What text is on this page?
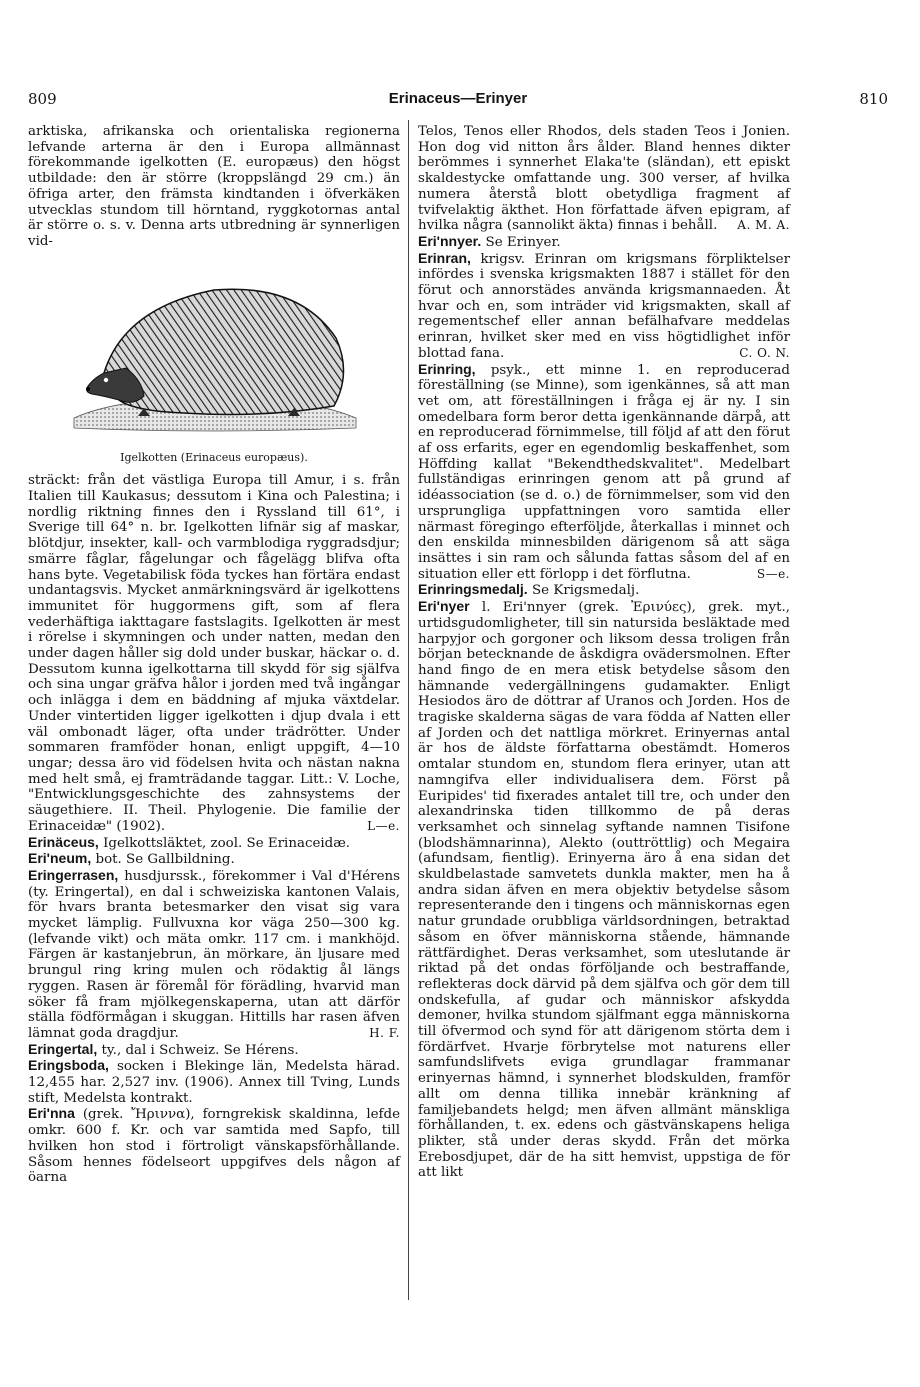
809	Erinaceus—Erinyer	810

arktiska, afrikanska och orientaliska regionerna lefvande arterna är den i Europa allmännast förekommande igelkotten (E. europæus) den högst utbildade: den är större (kroppslängd 29 cm.) än öfriga arter, den främsta kindtanden i öfverkäken utvecklas stundom till hörntand, ryggkotornas antal är större o. s. v. Denna arts utbredning är synnerligen vid-

Igelkotten (Erinaceus europæus).

sträckt: från det västliga Europa till Amur, i s. från Italien till Kaukasus; dessutom i Kina och Palestina; i nordlig riktning finnes den i Ryssland till 61°, i Sverige till 64° n. br. Igelkotten lifnär sig af maskar, blötdjur, insekter, kall- och varmblodiga ryggradsdjur; smärre fåglar, fågelungar och fågelägg blifva ofta hans byte. Vegetabilisk föda tyckes han förtära endast undantagsvis. Mycket anmärkningsvärd är igelkottens immunitet för huggormens gift, som af flera vederhäftiga iakttagare fastslagits. Igelkotten är mest i rörelse i skymningen och under natten, medan den under dagen håller sig dold under buskar, häckar o. d. Dessutom kunna igelkottarna till skydd för sig själfva och sina ungar gräfva hålor i jorden med två ingångar och inlägga i dem en bäddning af mjuka växtdelar. Under vintertiden ligger igelkotten i djup dvala i ett väl ombonadt läger, ofta under trädrötter. Under sommaren framföder honan, enligt uppgift, 4—10 ungar; dessa äro vid födelsen hvita och nästan nakna med helt små, ej framträdande taggar. Litt.: V. Loche, "Entwicklungsgeschichte des zahnsystems der säugethiere. II. Theil. Phylogenie. Die familie der Erinaceidæ" (1902).	L—e.

Erinäceus, Igelkottsläktet, zool. Se Erinaceidæ.

Eri'neum, bot. Se Gallbildning.

Eringerrasen, husdjurssk., förekommer i Val d'Hérens (ty. Eringertal), en dal i schweiziska kantonen Valais, för hvars branta betesmarker den visat sig vara mycket lämplig. Fullvuxna kor väga 250—300 kg. (lefvande vikt) och mäta omkr. 117 cm. i mankhöjd. Färgen är kastanjebrun, än mörkare, än ljusare med brungul ring kring mulen och rödaktig ål längs ryggen. Rasen är föremål för förädling, hvarvid man söker få fram mjölkegenskaperna, utan att därför ställa födförmågan i skuggan. Hittills har rasen äfven lämnat goda dragdjur.	H. F.

Eringertal, ty., dal i Schweiz. Se Hérens.

Eringsboda, socken i Blekinge län, Medelsta härad. 12,455 har. 2,527 inv. (1906). Annex till Tving, Lunds stift, Medelsta kontrakt.

Eri'nna (grek. Ἤριννα), forngrekisk skaldinna, lefde omkr. 600 f. Kr. och var samtida med Sapfo, till hvilken hon stod i förtroligt vänskapsförhållande. Såsom hennes födelseort uppgifves dels någon af öarna

Telos, Tenos eller Rhodos, dels staden Teos i Jonien. Hon dog vid nitton års ålder. Bland hennes dikter berömmes i synnerhet Elaka'te (sländan), ett episkt skaldestycke omfattande ung. 300 verser, af hvilka numera återstå blott obetydliga fragment af tvifvelaktig äkthet. Hon författade äfven epigram, af hvilka några (sannolikt äkta) finnas i behåll. A. M. A.

Eri'nnyer. Se Erinyer.

Erinran, krigsv. Erinran om krigsmans förpliktelser infördes i svenska krigsmakten 1887 i stället för den förut och annorstädes användа krigsmannaeden. Åt hvar och en, som inträder vid krigsmakten, skall af regementschef eller annan befälhafvare meddelas erinran, hvilket sker med en viss högtidlighet inför blottad fana.	C. O. N.

Erinring, psyk., ett minne 1. en reproducerad föreställning (se Minne), som igenkännes, så att man vet om, att föreställningen i fråga ej är ny. I sin omedelbara form beror detta igenkännande därpå, att en reproducerad förnimmelse, till följd af att den förut af oss erfarits, eger en egendomlig beskaffenhet, som Höffding kallat "Bekendthedskvalitet". Medelbart fullständigas erinringen genom att på grund af idéassociation (se d. o.) de förnimmelser, som vid den ursprungliga uppfattningen voro samtida eller närmast föregingo efterföljde, återkallas i minnet och den enskilda minnesbilden därigenom så att säga insättes i sin ram och sålunda fattas såsom del af en situation eller ett förlopp i det förflutna.	S—e.

Erinringsmedalj. Se Krigsmedalj.

Eri'nyer l. Eri'nnyer (grek. Ἐρινύες), grek. myt., urtidsgudomligheter, till sin natursida besläktade med harpyjor och gorgoner och liksom dessa troligen från början betecknande de åskdigra ovädersmolnen. Efter hand fingo de en mera etisk betydelse såsom den hämnande vedergällningens gudamakter. Enligt Hesiodos äro de döttrar af Uranos och Jorden. Hos de tragiske skalderna sägas de vara födda af Natten eller af Jorden och det nattliga mörkret. Erinyernas antal är hos de äldste författarna obestämdt. Homeros omtalar stundom en, stundom flera erinyer, utan att namngifva eller individualisera dem. Först på Euripides' tid fixerades antalet till tre, och under den alexandrinska tiden tillkommo de på deras verksamhet och sinnelag syftande namnen Tisifone (blodshämnarinna), Alekto (outtröttlig) och Megaira (afundsam, fientlig). Erinyerna äro å ena sidan det skuldbelastade samvetets dunkla makter, men ha å andra sidan äfven en mera objektiv betydelse såsom representerande den i tingens och människornas egen natur grundade orubbliga världsordningen, betraktad såsom en öfver människorna stående, hämnande rättfärdighet. Deras verksamhet, som uteslutande är riktad på det ondas förföljande och bestraffande, reflekteras dock därvid på dem själfva och gör dem till ondskefulla, af gudar och människor afskydda demoner, hvilka stundom själfmant egga människorna till öfvermod och synd för att därigenom störta dem i fördärfvet. Hvarje förbrytelse mot naturens eller samfundslifvets eviga grundlagar frammanar erinyernas hämnd, i synnerhet blodskulden, framför allt om denna tillika innebär kränkning af familjebandets helgd; men äfven allmänt mänskliga förhållanden, t. ex. edens och gästvänskapens heliga plikter, stå under deras skydd. Från det mörka Erebosdjupet, där de ha sitt hemvist, uppstiga de för att likt
